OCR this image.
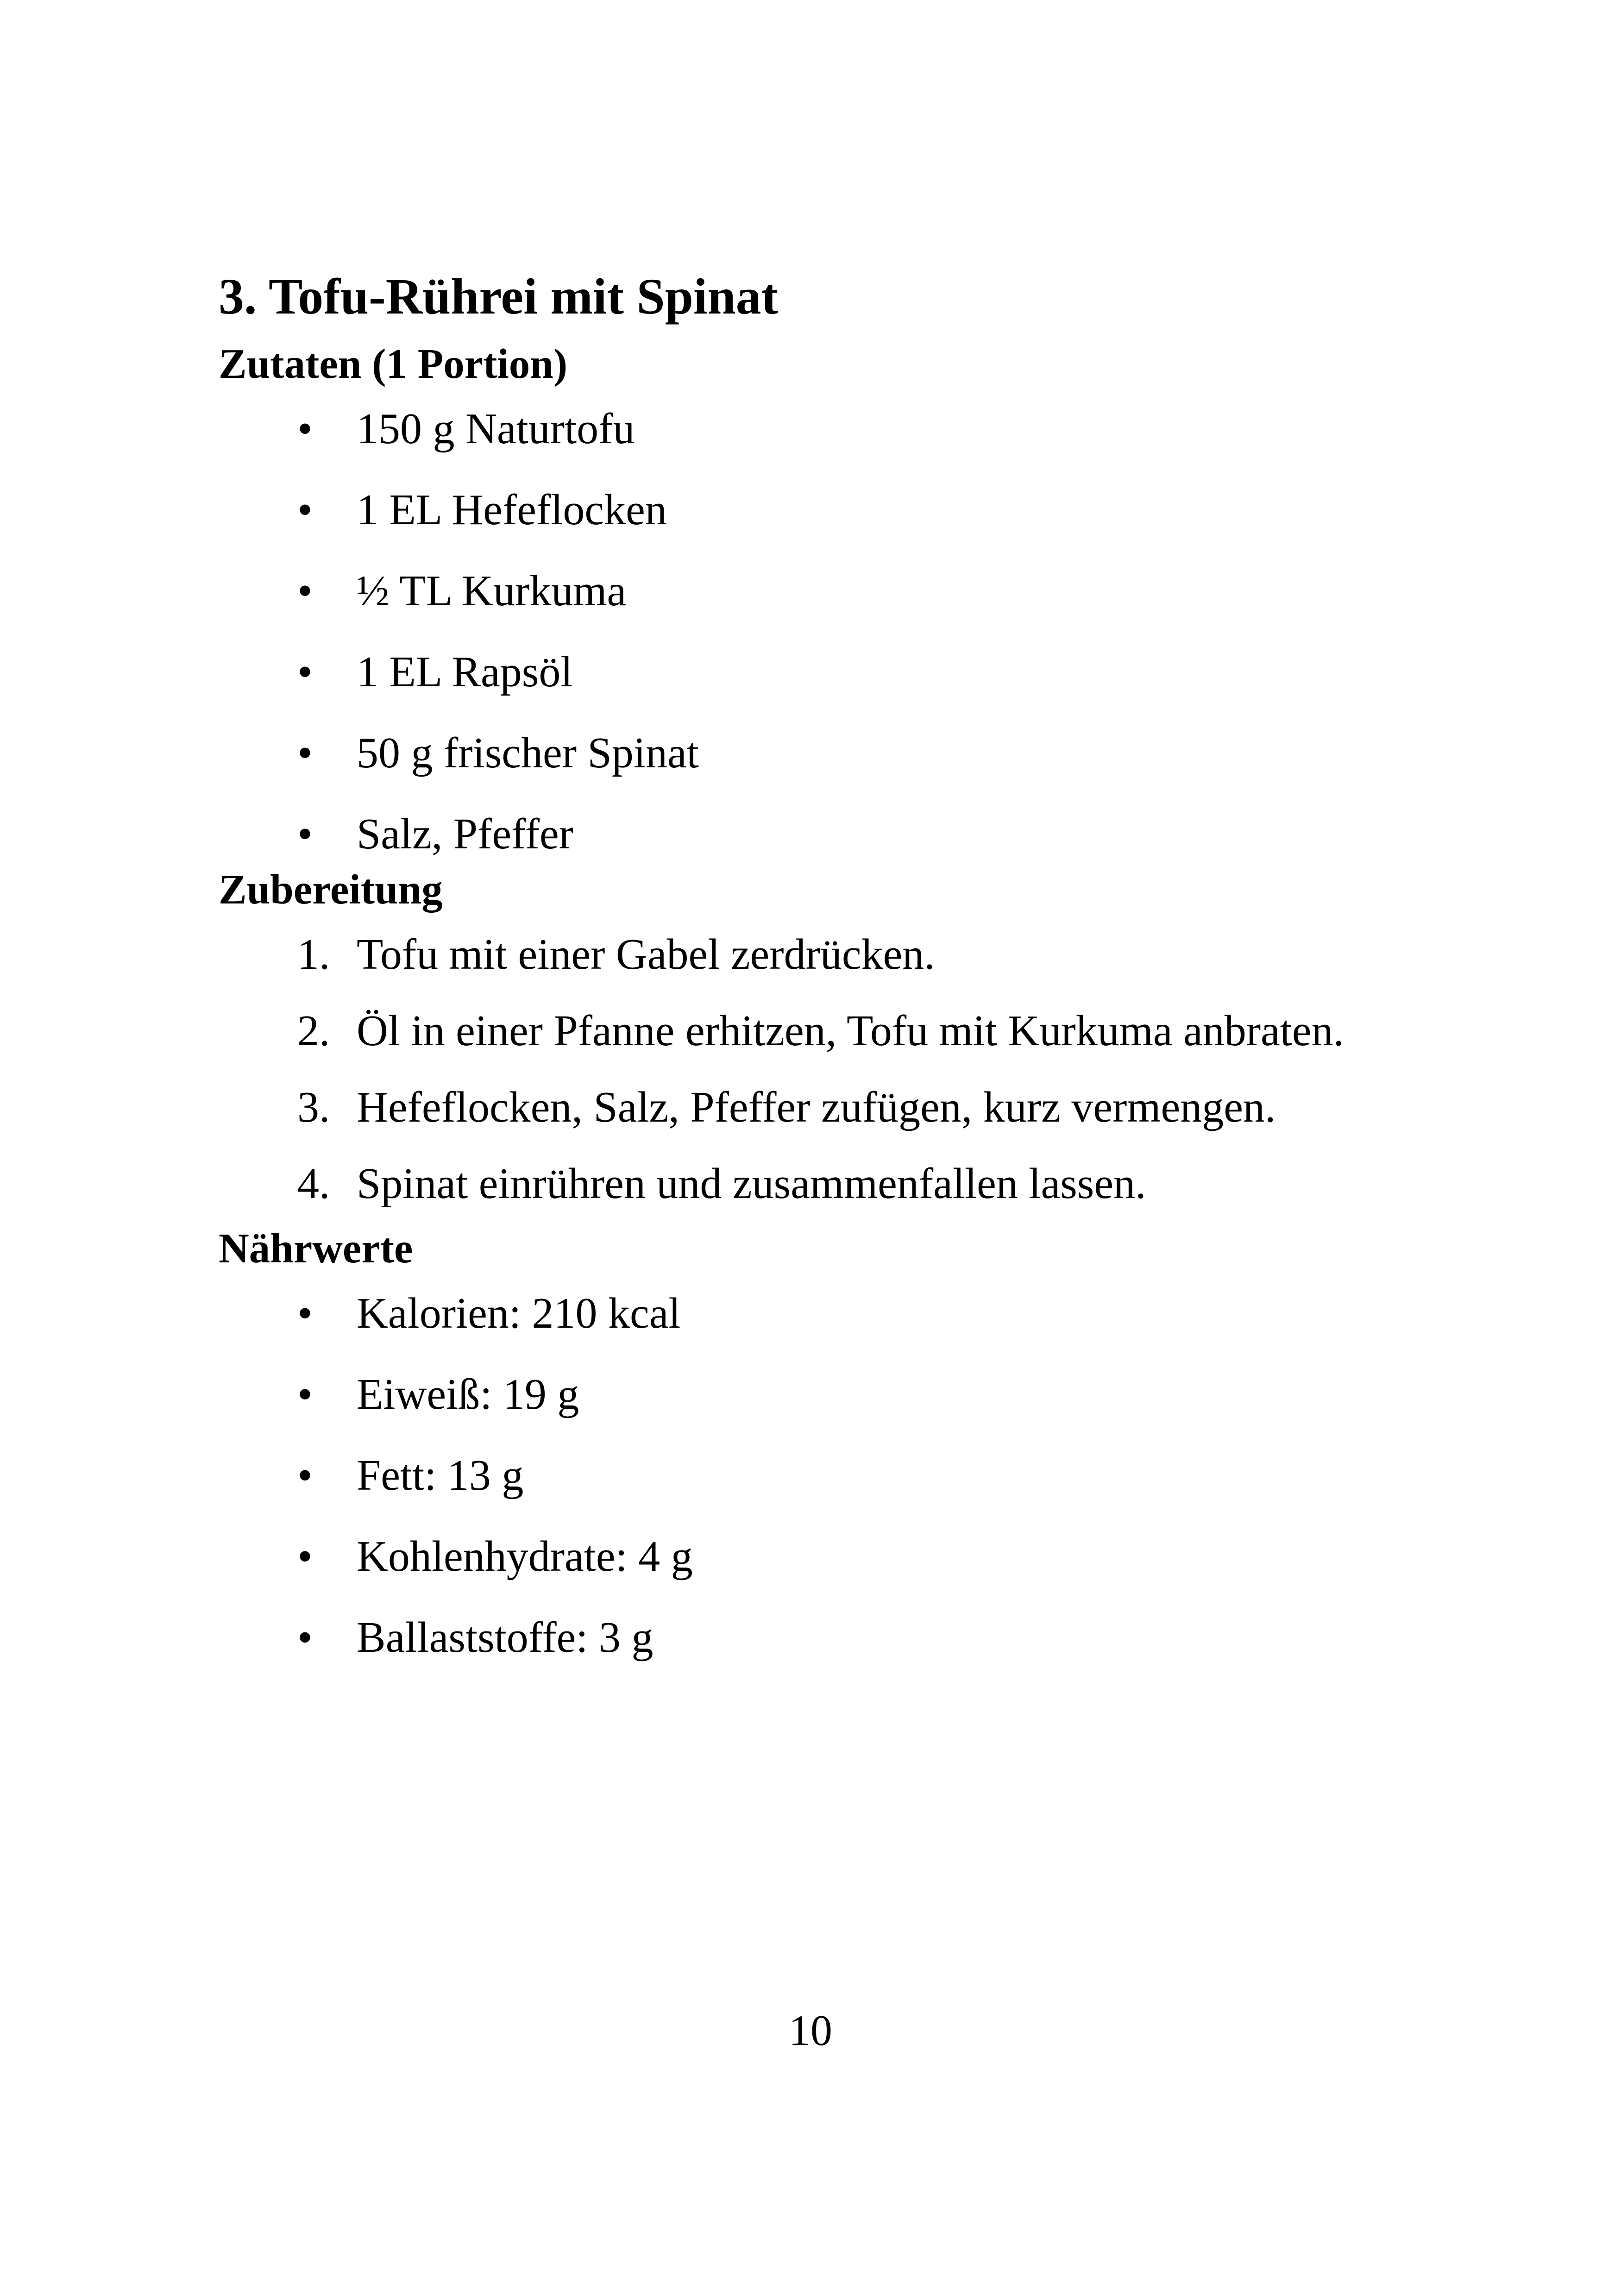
3. Tofu-Rührei mit Spinat
Zutaten (1 Portion)
• 150 g Naturtofu
• 1 EL Hefeflocken
• ½ TL Kurkuma
• 1 EL Rapsöl
• 50 g frischer Spinat
• Salz, Pfeffer
Zubereitung
1. Tofu mit einer Gabel zerdrücken.
2. Öl in einer Pfanne erhitzen, Tofu mit Kurkuma anbraten.
3. Hefeflocken, Salz, Pfeffer zufügen, kurz vermengen.
4. Spinat einrühren und zusammenfallen lassen.
Nährwerte
• Kalorien: 210 kcal
• Eiweiß: 19 g
• Fett: 13 g
• Kohlenhydrate: 4 g
• Ballaststoffe: 3 g
10
